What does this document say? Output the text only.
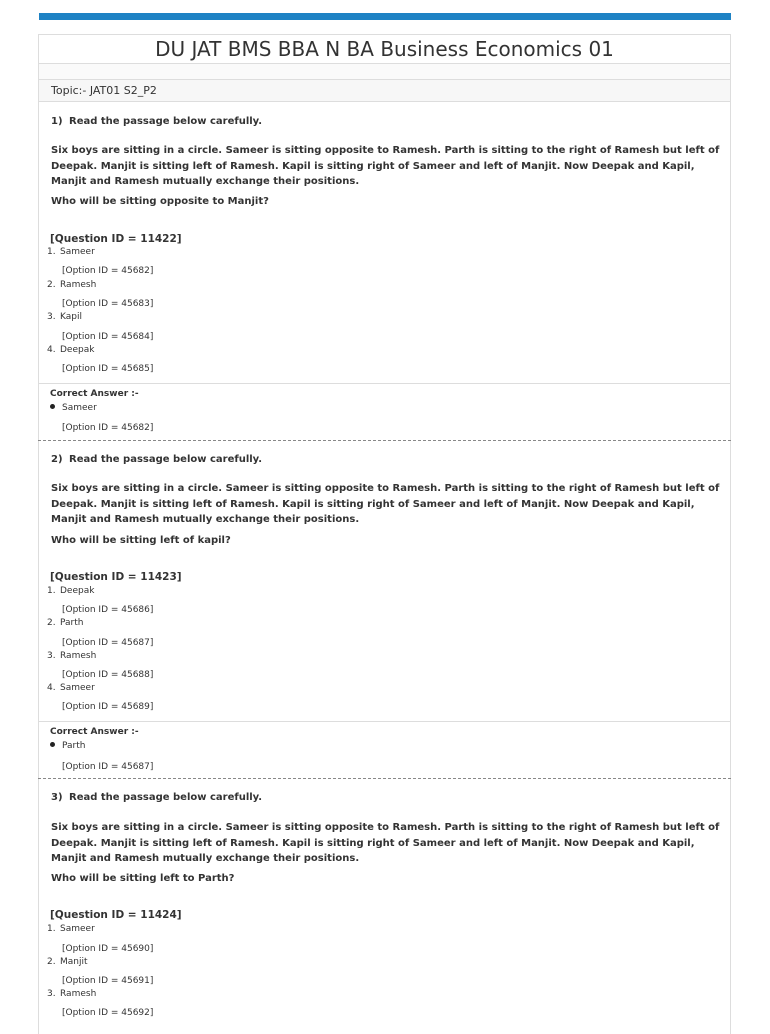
DU JAT BMS BBA N BA Business Economics 01
Topic:- JAT01 S2_P2
1) Read the passage below carefully.
Six boys are sitting in a circle. Sameer is sitting opposite to Ramesh. Parth is sitting to the right of Ramesh but left of Deepak. Manjit is sitting left of Ramesh. Kapil is sitting right of Sameer and left of Manjit. Now Deepak and Kapil, Manjit and Ramesh mutually exchange their positions.
Who will be sitting opposite to Manjit?
[Question ID = 11422]
1. Sameer
[Option ID = 45682]
2. Ramesh
[Option ID = 45683]
3. Kapil
[Option ID = 45684]
4. Deepak
[Option ID = 45685]
Correct Answer :-
Sameer
[Option ID = 45682]
2) Read the passage below carefully.
Six boys are sitting in a circle. Sameer is sitting opposite to Ramesh. Parth is sitting to the right of Ramesh but left of Deepak. Manjit is sitting left of Ramesh. Kapil is sitting right of Sameer and left of Manjit. Now Deepak and Kapil, Manjit and Ramesh mutually exchange their positions.
Who will be sitting left of kapil?
[Question ID = 11423]
1. Deepak
[Option ID = 45686]
2. Parth
[Option ID = 45687]
3. Ramesh
[Option ID = 45688]
4. Sameer
[Option ID = 45689]
Correct Answer :-
Parth
[Option ID = 45687]
3) Read the passage below carefully.
Six boys are sitting in a circle. Sameer is sitting opposite to Ramesh. Parth is sitting to the right of Ramesh but left of Deepak. Manjit is sitting left of Ramesh. Kapil is sitting right of Sameer and left of Manjit. Now Deepak and Kapil, Manjit and Ramesh mutually exchange their positions.
Who will be sitting left to Parth?
[Question ID = 11424]
1. Sameer
[Option ID = 45690]
2. Manjit
[Option ID = 45691]
3. Ramesh
[Option ID = 45692]
